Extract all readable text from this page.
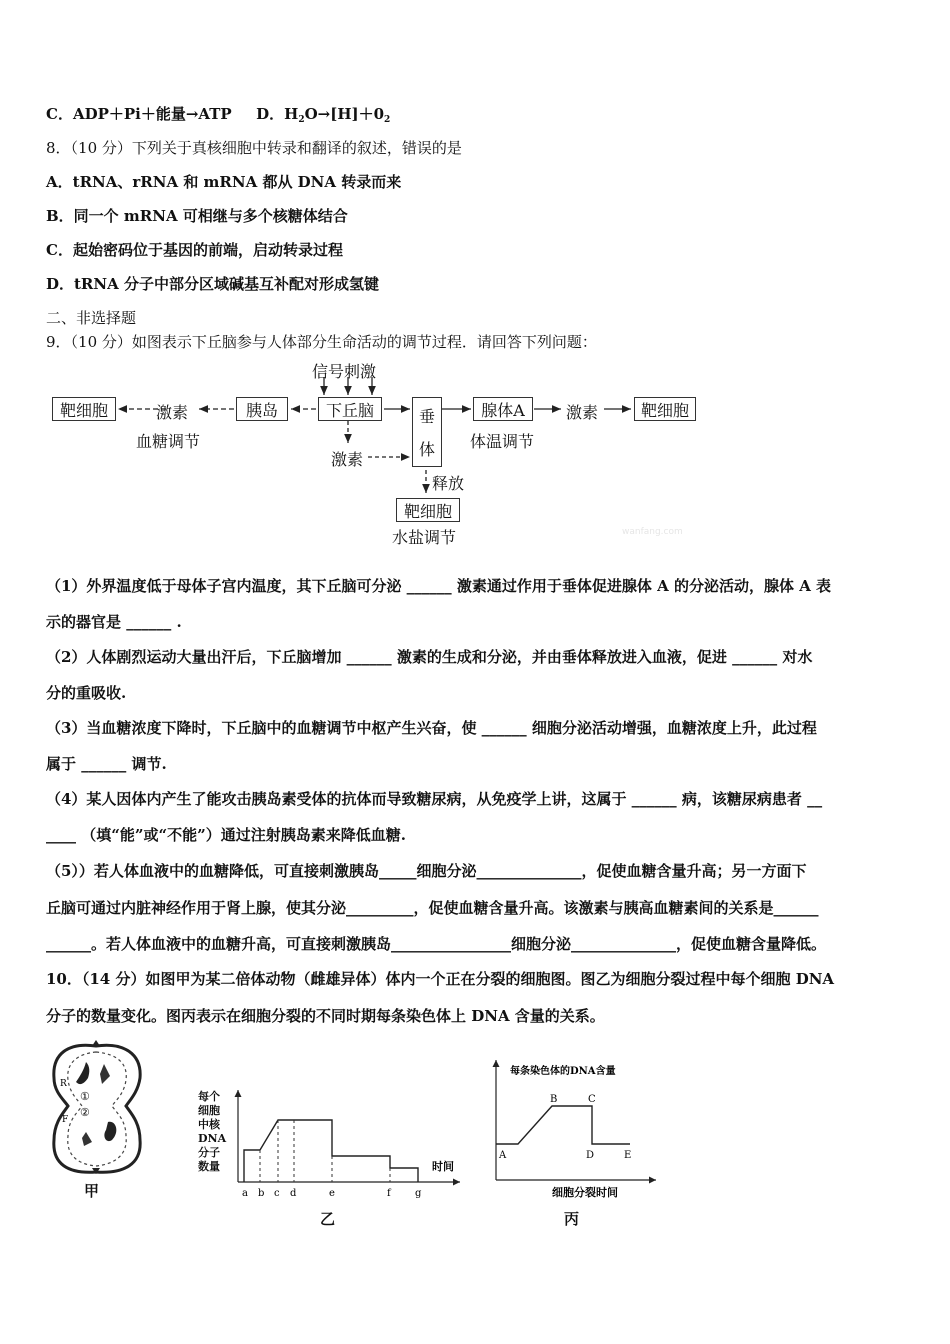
C．ADP＋Pi＋能量→ATP D．$H_2O\to[H]+0_2$
8．（10 分）下列关于真核细胞中转录和翻译的叙述，错误的是
A．tRNA、rRNA 和 mRNA 都从 DNA 转录而来
B．同一个 mRNA 可相继与多个核糖体结合
C．起始密码位于基因的前端，启动转录过程
D．tRNA 分子中部分区域碱基互补配对形成氢键
二、非选择题
9．（10 分）如图表示下丘脑参与人体部分生命活动的调节过程．请回答下列问题：
靶细胞	激素
血糖调节
胰岛
信号刺激
下丘脑
激素
垂
体
腺体A
体温调节
激素	靶细胞
释放
靶细胞
水盐调节	wanfang.com
（1）外界温度低于母体子宫内温度，其下丘脑可分泌 ______ 激素通过作用于垂体促进腺体 A 的分泌活动，腺体 A 表
示的器官是 ______ .
（2）人体剧烈运动大量出汗后，下丘脑增加 ______ 激素的生成和分泌，并由垂体释放进入血液，促进 ______ 对水
分的重吸收.
（3）当血糖浓度下降时，下丘脑中的血糖调节中枢产生兴奋，使 ______ 细胞分泌活动增强，血糖浓度上升，此过程
属于 ______ 调节.
（4）某人因体内产生了能攻击胰岛素受体的抗体而导致糖尿病，从免疫学上讲，这属于 ______ 病，该糖尿病患者 __
____ （填“能”或“不能”）通过注射胰岛素来降低血糖.
（5））若人体血液中的血糖降低，可直接刺激胰岛_____细胞分泌______________，促使血糖含量升高；另一方面下
丘脑可通过内脏神经作用于肾上腺，使其分泌_________，促使血糖含量升高。该激素与胰高血糖素间的关系是______
______。若人体血液中的血糖升高，可直接刺激胰岛________________细胞分泌______________，促使血糖含量降低。
10．（14 分）如图甲为某二倍体动物（雌雄异体）体内一个正在分裂的细胞图。图乙为细胞分裂过程中每个细胞 DNA
分子的数量变化。图丙表示在细胞分裂的不同时期每条染色体上 DNA 含量的关系。
R
①
②
F
甲
每个
细胞
中核
DNA
分子
数量
a b c d	e	f g
时间
乙
每条染色体的DNA含量
A
B	C
D	E
细胞分裂时间
丙
